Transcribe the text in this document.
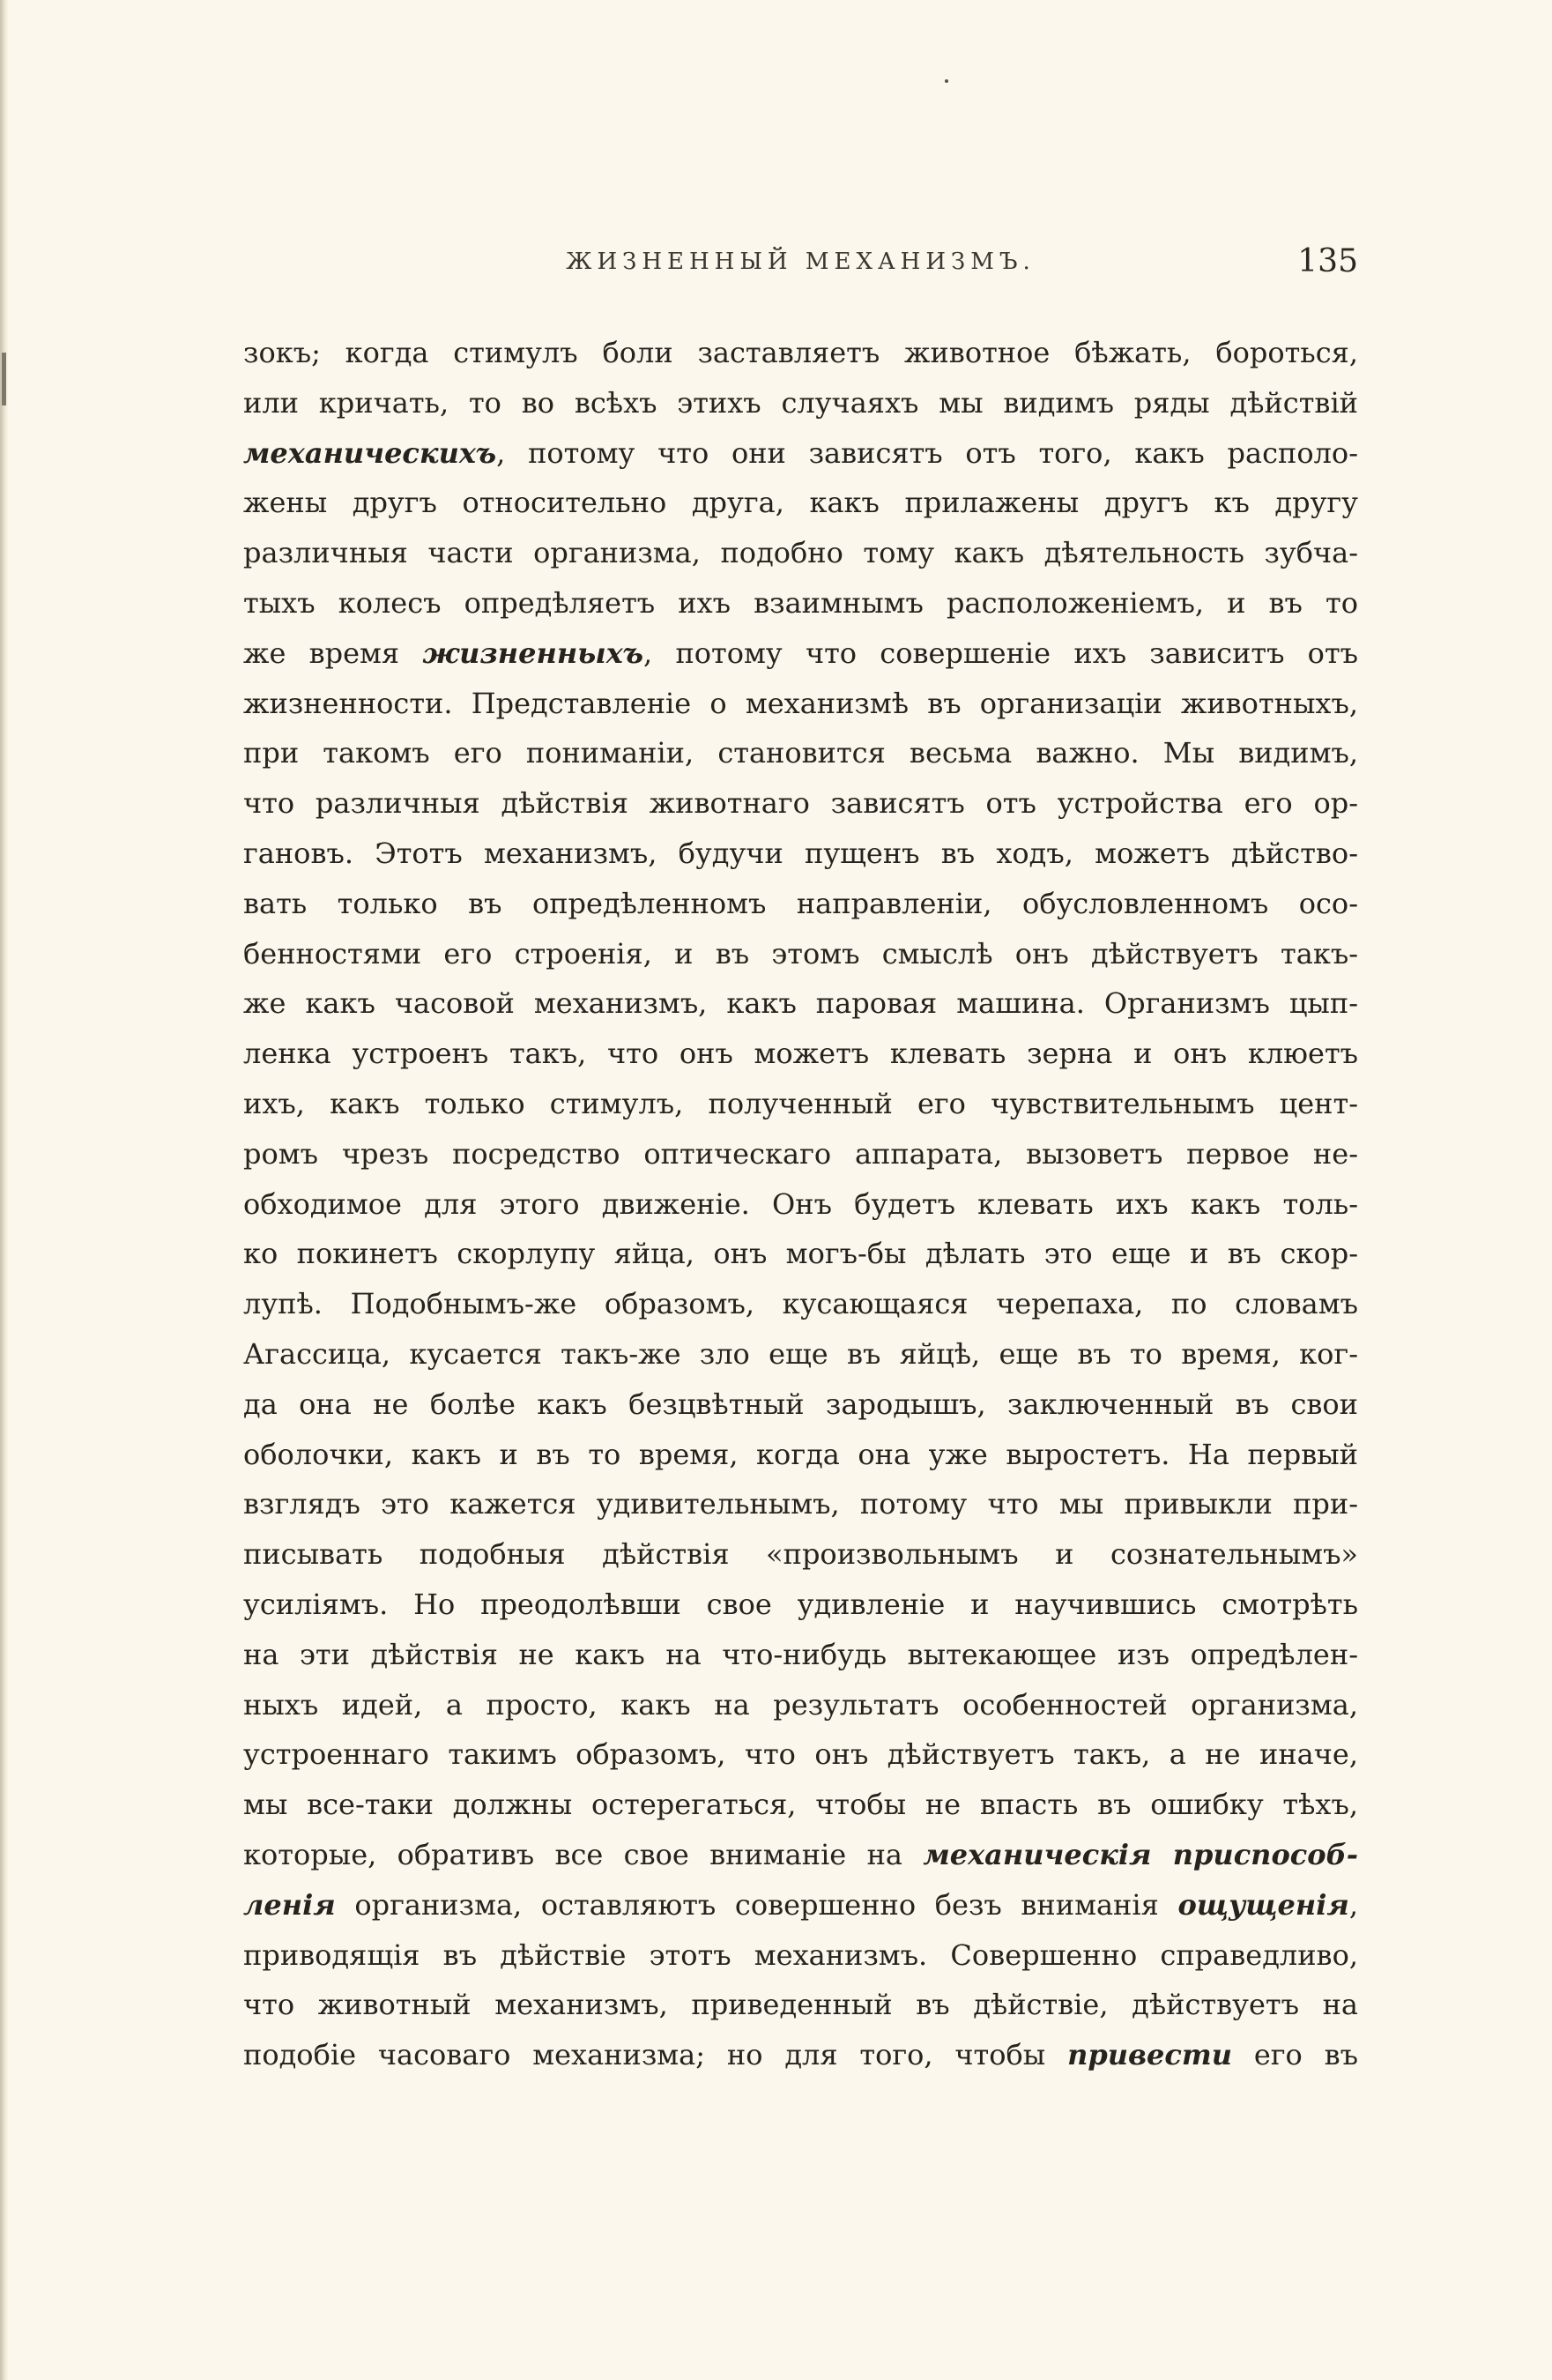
ЖИЗНЕННЫЙ МЕХАНИЗМЪ.	135
зокъ; когда стимулъ боли заставляетъ животное бѣжать, бороться,
или кричать, то во всѣхъ этихъ случаяхъ мы видимъ ряды дѣйствій
механическихъ, потому что они зависятъ отъ того, какъ располо-
жены другъ относительно друга, какъ прилажены другъ къ другу
различныя части организма, подобно тому какъ дѣятельность зубча-
тыхъ колесъ опредѣляетъ ихъ взаимнымъ расположеніемъ, и въ то
же время жизненныхъ, потому что совершеніе ихъ зависитъ отъ
жизненности. Представленіе о механизмѣ въ организаціи животныхъ,
при такомъ его пониманіи, становится весьма важно. Мы видимъ,
что различныя дѣйствія животнаго зависятъ отъ устройства его ор-
гановъ. Этотъ механизмъ, будучи пущенъ въ ходъ, можетъ дѣйство-
вать только въ опредѣленномъ направленіи, обусловленномъ осо-
бенностями его строенія, и въ этомъ смыслѣ онъ дѣйствуетъ такъ-
же какъ часовой механизмъ, какъ паровая машина. Организмъ цып-
ленка устроенъ такъ, что онъ можетъ клевать зерна и онъ клюетъ
ихъ, какъ только стимулъ, полученный его чувствительнымъ цент-
ромъ чрезъ посредство оптическаго аппарата, вызоветъ первое не-
обходимое для этого движеніе. Онъ будетъ клевать ихъ какъ толь-
ко покинетъ скорлупу яйца, онъ могъ-бы дѣлать это еще и въ скор-
лупѣ. Подобнымъ-же образомъ, кусающаяся черепаха, по словамъ
Агассица, кусается такъ-же зло еще въ яйцѣ, еще въ то время, ког-
да она не болѣе какъ безцвѣтный зародышъ, заключенный въ свои
оболочки, какъ и въ то время, когда она уже выростетъ. На первый
взглядъ это кажется удивительнымъ, потому что мы привыкли при-
писывать подобныя дѣйствія «произвольнымъ и сознательнымъ»
усиліямъ. Но преодолѣвши свое удивленіе и научившись смотрѣть
на эти дѣйствія не какъ на что-нибудь вытекающее изъ опредѣлен-
ныхъ идей, а просто, какъ на результатъ особенностей организма,
устроеннаго такимъ образомъ, что онъ дѣйствуетъ такъ, а не иначе,
мы все-таки должны остерегаться, чтобы не впасть въ ошибку тѣхъ,
которые, обративъ все свое вниманіе на механическія приспособ-
ленія организма, оставляютъ совершенно безъ вниманія ощущенія,
приводящія въ дѣйствіе этотъ механизмъ. Совершенно справедливо,
что животный механизмъ, приведенный въ дѣйствіе, дѣйствуетъ на
подобіе часоваго механизма; но для того, чтобы привести его въ
